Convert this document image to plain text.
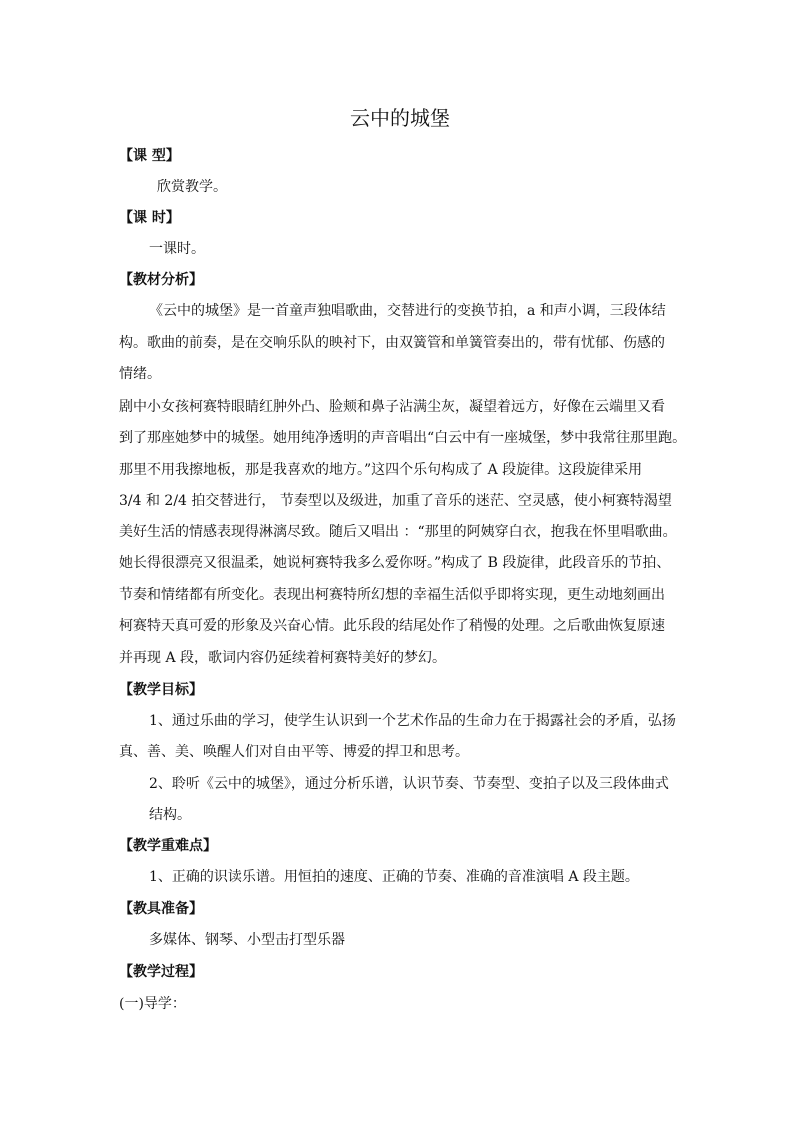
云中的城堡
【课 型】
欣赏教学。
【课 时】
一课时。
【教材分析】
《云中的城堡》是一首童声独唱歌曲，交替进行的变换节拍，a 和声小调，三段体结
构。歌曲的前奏，是在交响乐队的映衬下，由双簧管和单簧管奏出的，带有忧郁、伤感的
情绪。
剧中小女孩柯赛特眼睛红肿外凸、脸颊和鼻子沾满尘灰，凝望着远方，好像在云端里又看
到了那座她梦中的城堡。她用纯净透明的声音唱出“白云中有一座城堡，梦中我常往那里跑。
那里不用我擦地板，那是我喜欢的地方。”这四个乐句构成了 A 段旋律。这段旋律采用
3/4 和 2/4 拍交替进行， 节奏型以及级进，加重了音乐的迷茫、空灵感，使小柯赛特渴望
美好生活的情感表现得淋漓尽致。随后又唱出 ：“那里的阿姨穿白衣，抱我在怀里唱歌曲。
她长得很漂亮又很温柔，她说柯赛特我多么爱你呀。”构成了 B 段旋律，此段音乐的节拍、
节奏和情绪都有所变化。表现出柯赛特所幻想的幸福生活似乎即将实现，更生动地刻画出
柯赛特天真可爱的形象及兴奋心情。此乐段的结尾处作了稍慢的处理。之后歌曲恢复原速
并再现 A 段，歌词内容仍延续着柯赛特美好的梦幻。
【教学目标】
1、通过乐曲的学习，使学生认识到一个艺术作品的生命力在于揭露社会的矛盾，弘扬
真、善、美、唤醒人们对自由平等、博爱的捍卫和思考。
2、聆听《云中的城堡》，通过分析乐谱，认识节奏、节奏型、变拍子以及三段体曲式
结构。
【教学重难点】
1、正确的识读乐谱。用恒拍的速度、正确的节奏、准确的音准演唱 A 段主题。
【教具准备】
多媒体、钢琴、小型击打型乐器
【教学过程】
(一)导学：
